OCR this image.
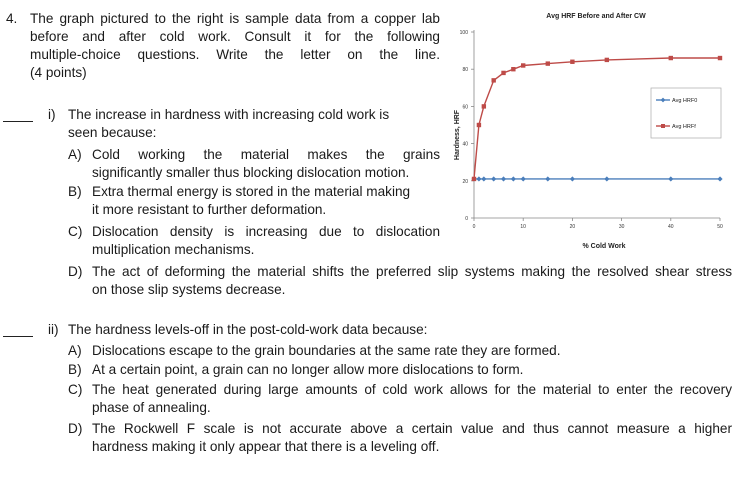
4. The graph pictured to the right is sample data from a copper lab
before and after cold work. Consult it for the following
multiple-choice questions. Write the letter on the line.
(4 points)
i) The increase in hardness with increasing cold work is
seen because:
A) Cold working the material makes the grains
significantly smaller thus blocking dislocation motion.
B) Extra thermal energy is stored in the material making
it more resistant to further deformation.
C) Dislocation density is increasing due to dislocation
multiplication mechanisms.
D) The act of deforming the material shifts the preferred slip systems making the resolved shear stress
on those slip systems decrease.
ii) The hardness levels-off in the post-cold-work data because:
A) Dislocations escape to the grain boundaries at the same rate they are formed.
B) At a certain point, a grain can no longer allow more dislocations to form.
C) The heat generated during large amounts of cold work allows for the material to enter the recovery
phase of annealing.
D) The Rockwell F scale is not accurate above a certain value and thus cannot measure a higher
hardness making it only appear that there is a leveling off.
Avg HRF Before and After CW
% Cold Work
Hardness, HRF
0
20
40
60
80
100
0	10	20	30	40	50
Avg HRF0
Avg HRFf
